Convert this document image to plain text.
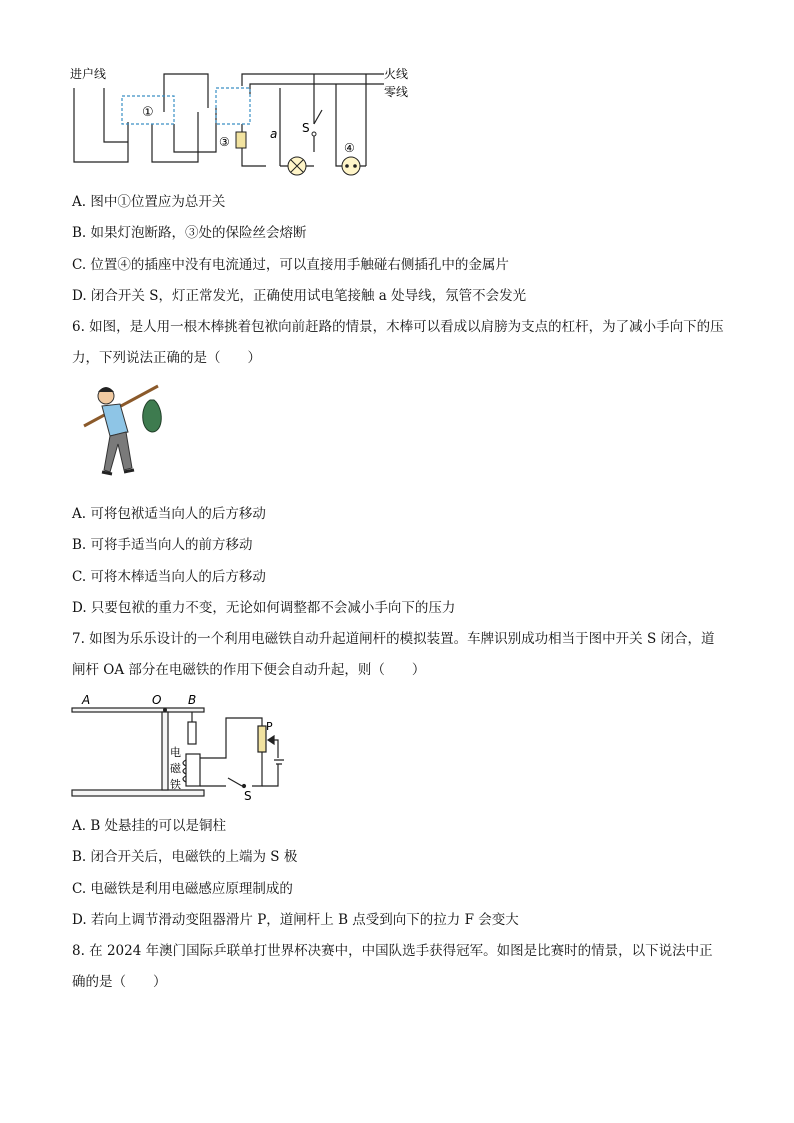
①
③
a S
④
进户线	火线
零线
A. 图中①位置应为总开关
B. 如果灯泡断路，③处的保险丝会熔断
C. 位置④的插座中没有电流通过，可以直接用手触碰右侧插孔中的金属片
D. 闭合开关 S，灯正常发光，正确使用试电笔接触 a 处导线，氖管不会发光
6. 如图，是人用一根木棒挑着包袱向前赶路的情景，木棒可以看成以肩膀为支点的杠杆，为了减小手向下的压力，下列说法正确的是（　　）
A. 可将包袱适当向人的后方移动
B. 可将手适当向人的前方移动
C. 可将木棒适当向人的后方移动
D. 只要包袱的重力不变，无论如何调整都不会减小手向下的压力
7. 如图为乐乐设计的一个利用电磁铁自动升起道闸杆的模拟装置。车牌识别成功相当于图中开关 S 闭合，道闸杆 OA 部分在电磁铁的作用下便会自动升起，则（　　）
A	O B
P
S
电
磁
铁
A. B 处悬挂的可以是铜柱
B. 闭合开关后，电磁铁的上端为 S 极
C. 电磁铁是利用电磁感应原理制成的
D. 若向上调节滑动变阻器滑片 P，道闸杆上 B 点受到向下的拉力 F 会变大
8. 在 2024 年澳门国际乒联单打世界杯决赛中，中国队选手获得冠军。如图是比赛时的情景，以下说法中正确的是（　　）
